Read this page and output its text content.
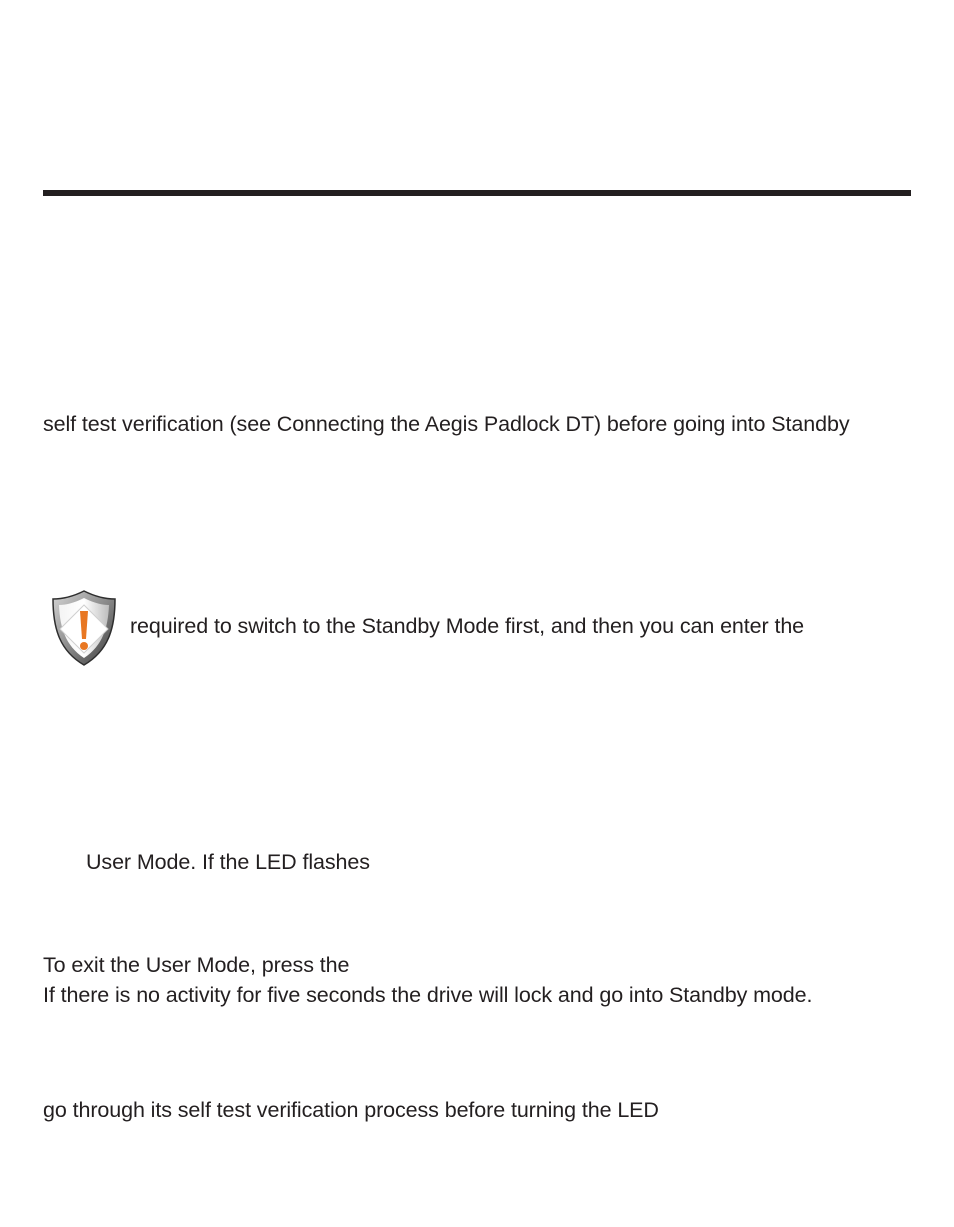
self test verification (see Connecting the Aegis Padlock DT) before going into Standby
required to switch to the Standby Mode first, and then you can enter the
User Mode. If the LED flashes
To exit the User Mode, press the
If there is no activity for five seconds the drive will lock and go into Standby mode.
go through its self test verification process before turning the LED
